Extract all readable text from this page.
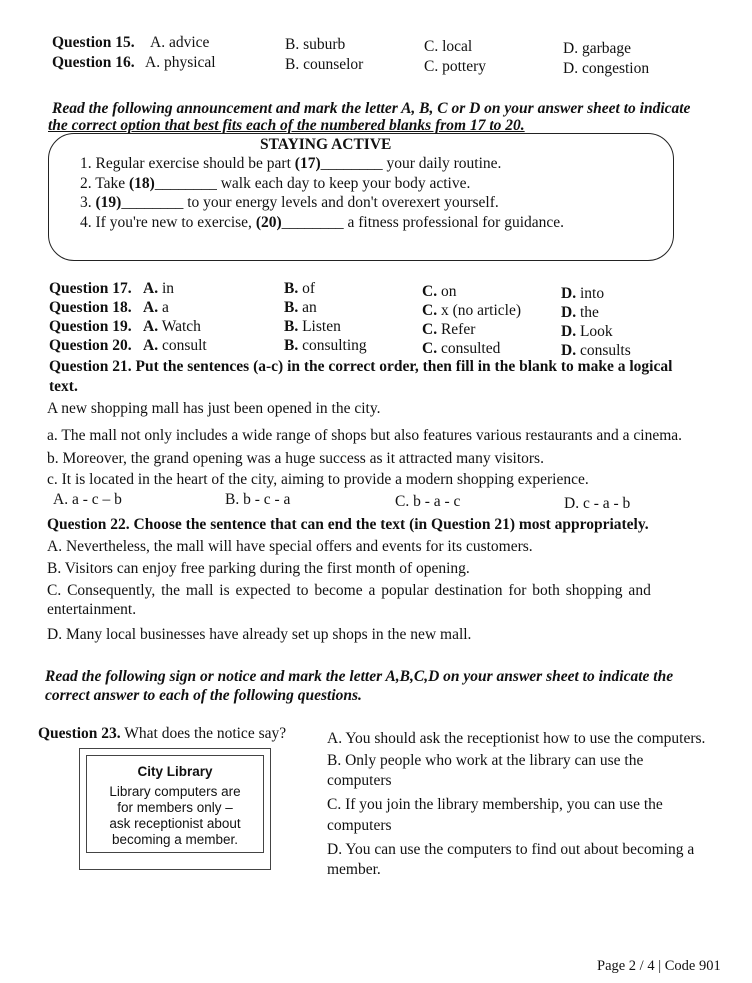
Question 15. A. advice	B. suburb	C. local	D. garbage
Question 16. A. physical	B. counselor	C. pottery	D. congestion
Read the following announcement and mark the letter A, B, C or D on your answer sheet to indicate
the correct option that best fits each of the numbered blanks from 17 to 20.
STAYING ACTIVE
1. Regular exercise should be part (17)________ your daily routine.
2. Take (18)________ walk each day to keep your body active.
3. (19)________ to your energy levels and don't overexert yourself.
4. If you're new to exercise, (20)________ a fitness professional for guidance.
Question 17. A. in	B. of	C. on	D. into
Question 18. A. a	B. an	C. x (no article)	D. the
Question 19. A. Watch	B. Listen	C. Refer	D. Look
Question 20. A. consult	B. consulting	C. consulted	D. consults
Question 21. Put the sentences (a-c) in the correct order, then fill in the blank to make a logical
text.
A new shopping mall has just been opened in the city.
a. The mall not only includes a wide range of shops but also features various restaurants and a cinema.
b. Moreover, the grand opening was a huge success as it attracted many visitors.
c. It is located in the heart of the city, aiming to provide a modern shopping experience.
A. a - c – b	B. b - c - a	C. b - a - c	D. c - a - b
Question 22. Choose the sentence that can end the text (in Question 21) most appropriately.
A. Nevertheless, the mall will have special offers and events for its customers.
B. Visitors can enjoy free parking during the first month of opening.
C. Consequently, the mall is expected to become a popular destination for both shopping and
entertainment.
D. Many local businesses have already set up shops in the new mall.
Read the following sign or notice and mark the letter A,B,C,D on your answer sheet to indicate the
correct answer to each of the following questions.
Question 23. What does the notice say?	A. You should ask the receptionist how to use the computers.
B. Only people who work at the library can use the
computers
C. If you join the library membership, you can use the
computers
D. You can use the computers to find out about becoming a
member.
City Library
Library computers are
for members only –
ask receptionist about
becoming a member.
Page 2 / 4 | Code 901
